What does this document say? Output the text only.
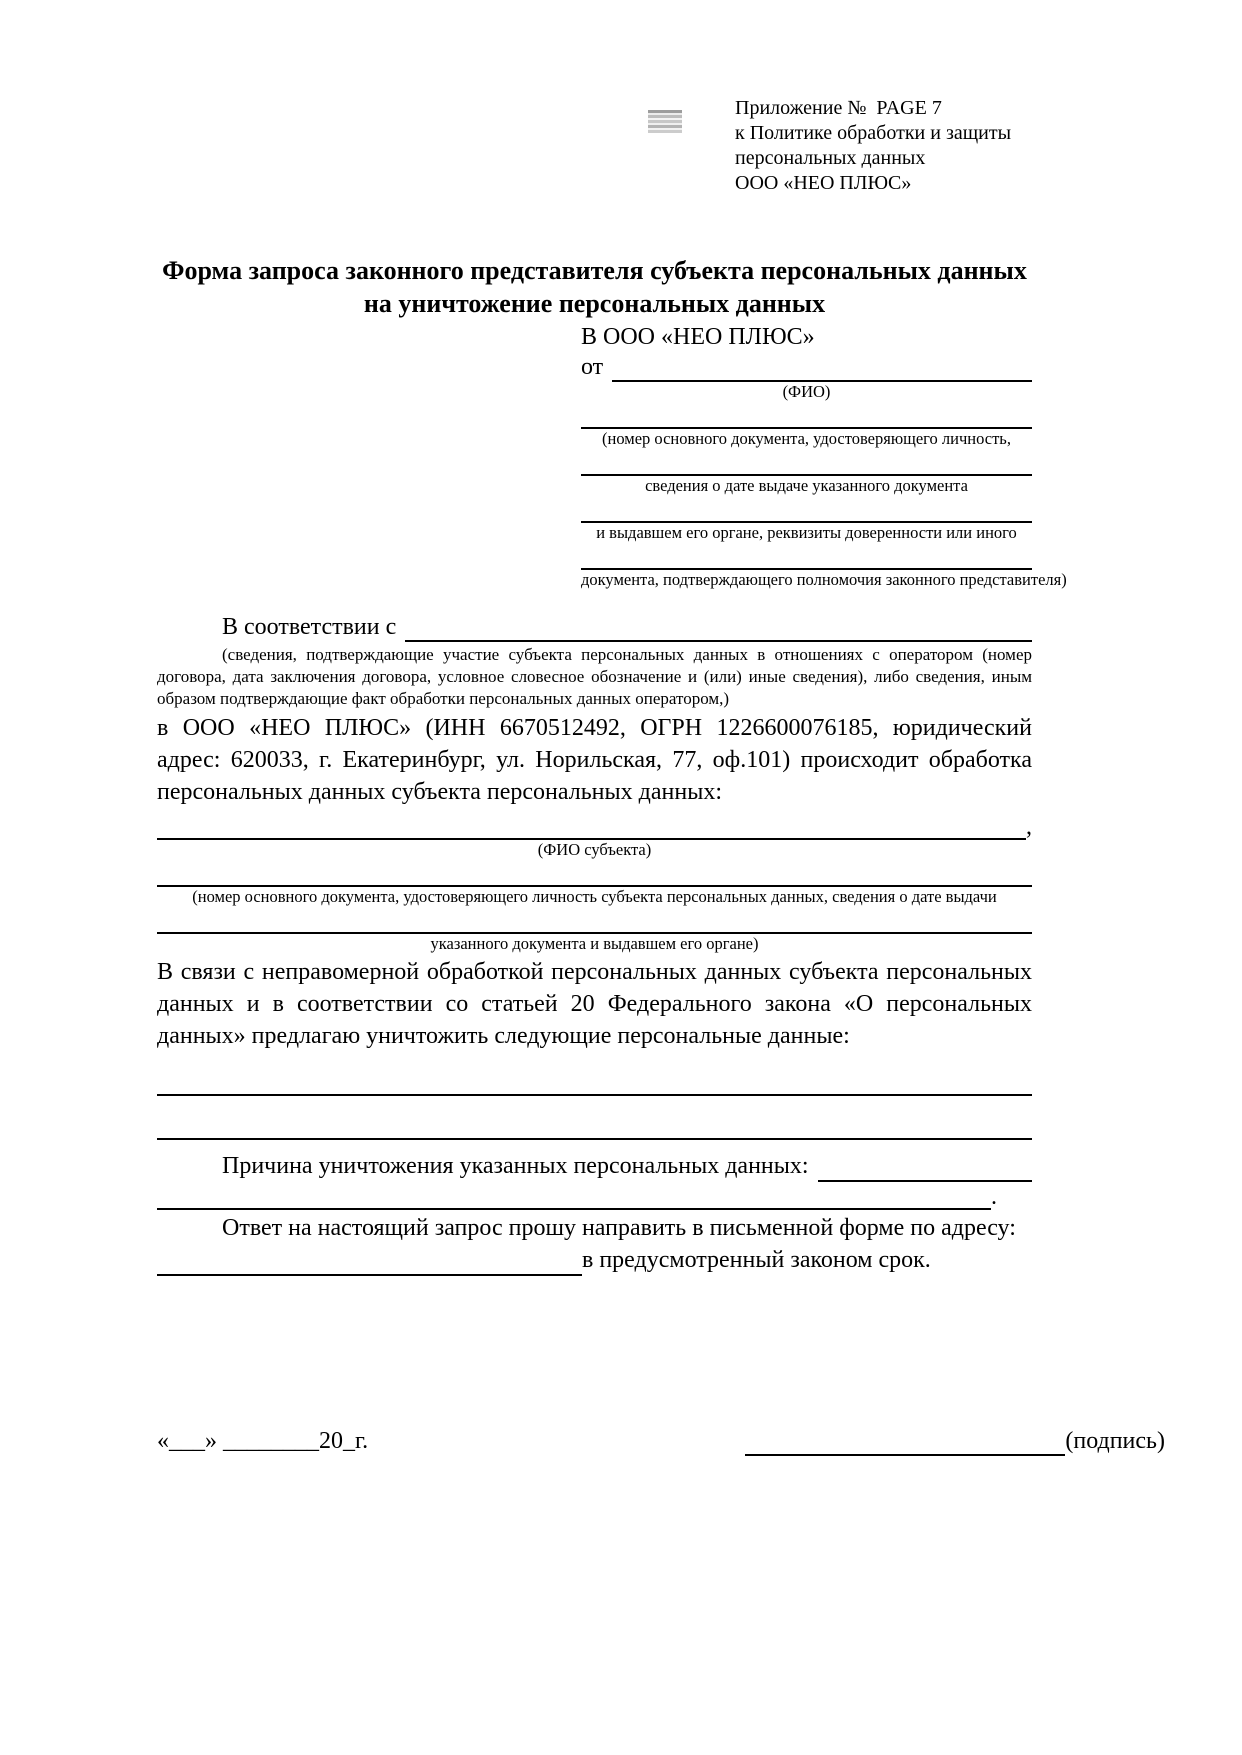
Приложение №  PAGE 7
к Политике обработки и защиты
персональных данных
ООО «НЕО ПЛЮС»
Форма запроса законного представителя субъекта персональных данных
на уничтожение персональных данных
В ООО «НЕО ПЛЮС»
от
(ФИО)
(номер основного документа, удостоверяющего личность,
сведения о дате выдаче указанного документа
и выдавшем его органе, реквизиты доверенности или иного
документа, подтверждающего полномочия законного представителя)
В соответствии с
(сведения, подтверждающие участие субъекта персональных данных в отношениях с оператором (номер договора, дата заключения договора, условное словесное обозначение и (или) иные сведения), либо сведения, иным образом подтверждающие факт обработки персональных данных оператором,)
в ООО «НЕО ПЛЮС» (ИНН 6670512492, ОГРН 1226600076185, юридический адрес: 620033, г. Екатеринбург, ул. Норильская, 77, оф.101) происходит обработка персональных данных субъекта персональных данных:
,
(ФИО субъекта)
(номер основного документа, удостоверяющего личность субъекта персональных данных, сведения о дате выдачи
указанного документа и выдавшем его органе)
В связи с неправомерной обработкой персональных данных субъекта персональных данных и в соответствии со статьей 20 Федерального закона «О персональных данных» предлагаю уничтожить следующие персональные данные:
Причина уничтожения указанных персональных данных:
.
Ответ на настоящий запрос прошу направить в письменной форме по адресу:
в предусмотренный законом срок.
«___» ________20_г.	(подпись)
